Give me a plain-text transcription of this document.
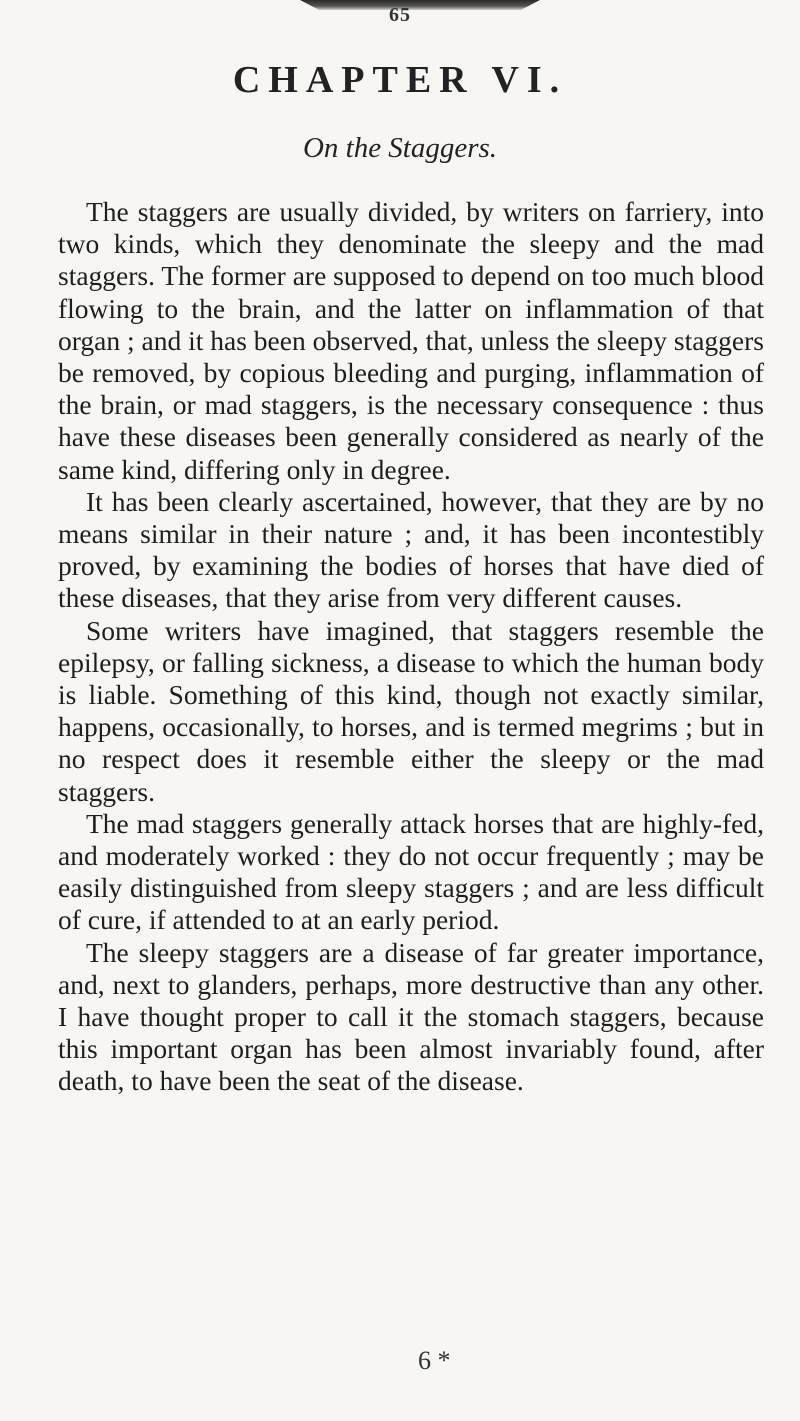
65
CHAPTER VI.
On the Staggers.

The staggers are usually divided, by writers on farriery, into two kinds, which they denominate the sleepy and the mad staggers. The former are supposed to depend on too much blood flowing to the brain, and the latter on inflammation of that organ ; and it has been observed, that, unless the sleepy staggers be removed, by copious bleeding and purging, inflammation of the brain, or mad staggers, is the necessary consequence : thus have these diseases been generally considered as nearly of the same kind, differing only in degree.

It has been clearly ascertained, however, that they are by no means similar in their nature ; and, it has been incontestibly proved, by examining the bodies of horses that have died of these diseases, that they arise from very different causes.

Some writers have imagined, that staggers resemble the epilepsy, or falling sickness, a disease to which the human body is liable. Something of this kind, though not exactly similar, happens, occasionally, to horses, and is termed megrims ; but in no respect does it resemble either the sleepy or the mad staggers.

The mad staggers generally attack horses that are highly-fed, and moderately worked : they do not occur frequently ; may be easily distinguished from sleepy staggers ; and are less difficult of cure, if attended to at an early period.

The sleepy staggers are a disease of far greater importance, and, next to glanders, perhaps, more destructive than any other. I have thought proper to call it the stomach staggers, because this important organ has been almost invariably found, after death, to have been the seat of the disease.

6 *
